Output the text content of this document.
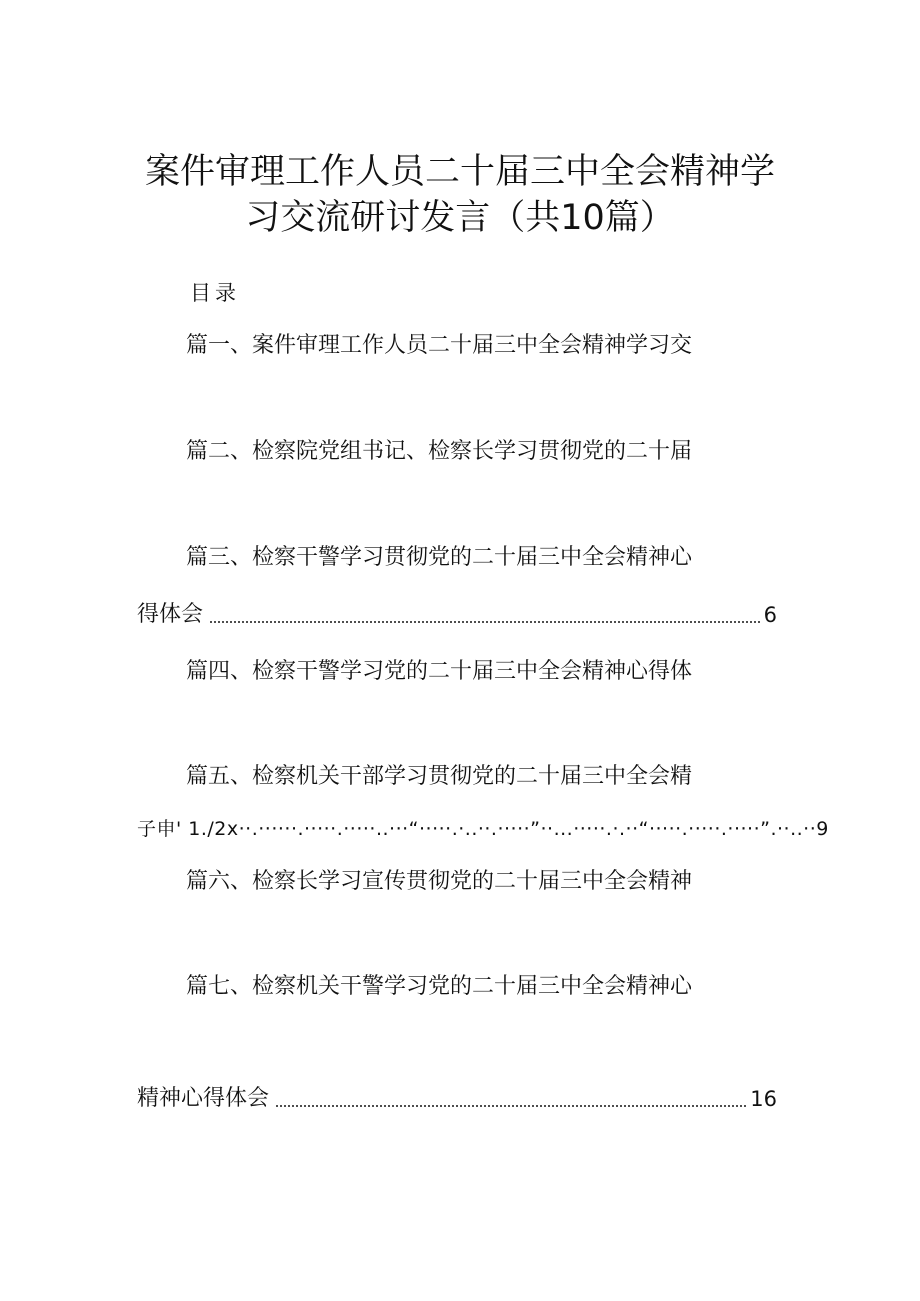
案件审理工作人员二十届三中全会精神学
习交流研讨发言（共10篇）
目录
篇一、案件审理工作人员二十届三中全会精神学习交
篇二、检察院党组书记、检察长学习贯彻党的二十届
篇三、检察干警学习贯彻党的二十届三中全会精神心
得体会	6
篇四、检察干警学习党的二十届三中全会精神心得体
篇五、检察机关干部学习贯彻党的二十届三中全会精
子申' 1./2x··.······.·····.·····..···“·····.·..··.·····”··...·····.·.··“·····.·····.·····”.··..··9
篇六、检察长学习宣传贯彻党的二十届三中全会精神
篇七、检察机关干警学习党的二十届三中全会精神心
精神心得体会	16
